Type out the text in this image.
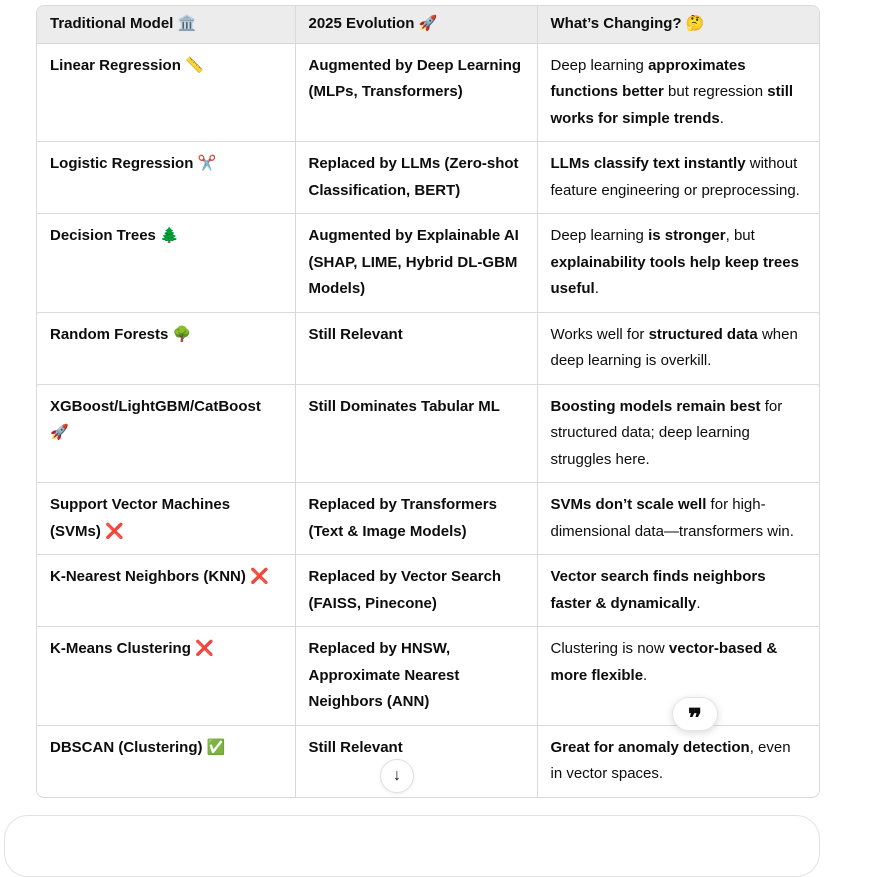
Traditional Model 🏛️	2025 Evolution 🚀	What’s Changing? 🤔
Linear Regression 📏	Augmented by Deep Learning (MLPs, Transformers)	Deep learning approximates functions better but regression still works for simple trends.
Logistic Regression ✂️	Replaced by LLMs (Zero-shot Classification, BERT)	LLMs classify text instantly without feature engineering or preprocessing.
Decision Trees 🌲	Augmented by Explainable AI (SHAP, LIME, Hybrid DL-GBM Models)	Deep learning is stronger, but explainability tools help keep trees useful.
Random Forests 🌳	Still Relevant	Works well for structured data when deep learning is overkill.
XGBoost/LightGBM/CatBoost 🚀	Still Dominates Tabular ML	Boosting models remain best for structured data; deep learning struggles here.
Support Vector Machines (SVMs) ❌	Replaced by Transformers (Text & Image Models)	SVMs don’t scale well for high-dimensional data—transformers win.
K-Nearest Neighbors (KNN) ❌	Replaced by Vector Search (FAISS, Pinecone)	Vector search finds neighbors faster & dynamically.
K-Means Clustering ❌	Replaced by HNSW, Approximate Nearest Neighbors (ANN)	Clustering is now vector-based & more flexible.
DBSCAN (Clustering) ✅	Still Relevant	Great for anomaly detection, even in vector spaces.
❞
↓
